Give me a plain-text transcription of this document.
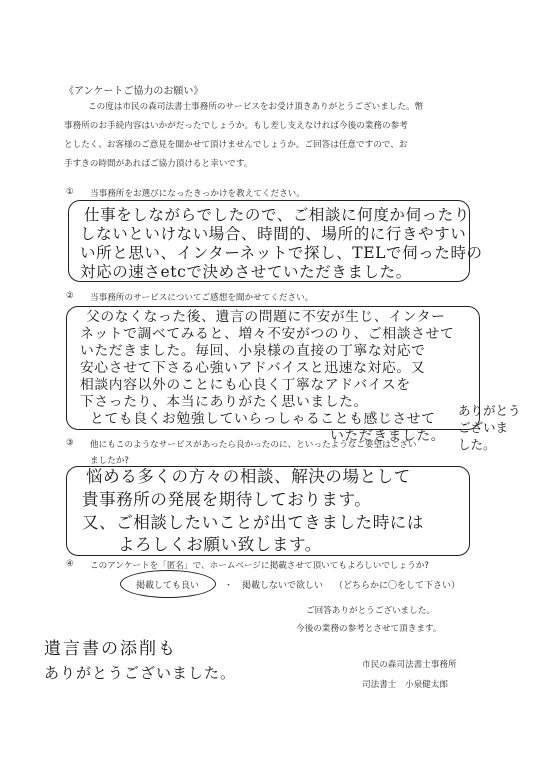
《アンケートご協力のお願い》
この度は市民の森司法書士事務所のサービスをお受け頂きありがとうございました。幣
事務所のお手続内容はいかがだったでしょうか。もし差し支えなければ今後の業務の参考
としたく、お客様のご意見を聞かせて頂けませんでしょうか。ご回答は任意ですので、お
手すきの時間があればご協力頂けると幸いです。
① 当事務所をお選びになったきっかけを教えてください。
仕事をしながらでしたので、ご相談に何度か伺ったり
しないといけない場合、時間的、場所的に行きやすい
い所と思い、インターネットで探し、TELで伺った時の
対応の速さetcで決めさせていただきました。
② 当事務所のサービスについてご感想を聞かせてください。
父のなくなった後、遺言の問題に不安が生じ、インター
ネットで調べてみると、増々不安がつのり、ご相談させて
いただきました。毎回、小泉様の直接の丁寧な対応で
安心させて下さる心強いアドバイスと迅速な対応。又
相談内容以外のことにも心良く丁寧なアドバイスを
下さったり、本当にありがたく思いました。
とても良くお勉強していらっしゃることも感じさせて
いただきました。
ありがとう
ございま
した。
③ 他にもこのようなサービスがあったら良かったのに、といったようなご要望はござい
ましたか?
悩める多くの方々の相談、解決の場として
貴事務所の発展を期待しております。
又、ご相談したいことが出てきました時には
よろしくお願い致します。
④ このアンケートを「匿名」で、ホームページに掲載させて頂いてもよろしいでしょうか?
掲載しても良い	・ 掲載しないで欲しい （どちらかに〇をして下さい）
ご回答ありがとうございました。
今後の業務の参考とさせて頂きます。
市民の森司法書士事務所
司法書士　小泉健太郎
遺言書の添削も
ありがとうございました。
